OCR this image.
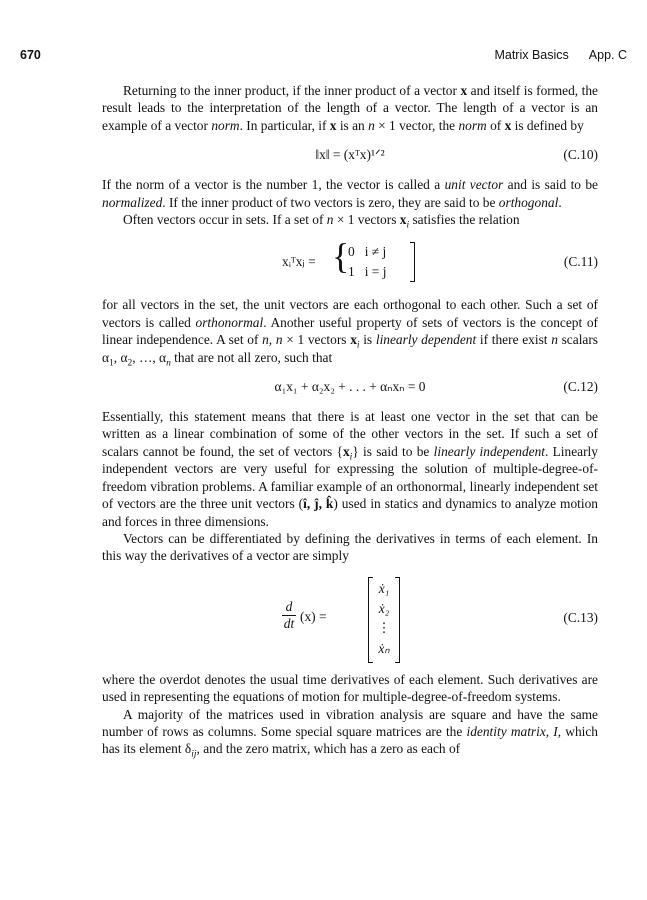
670	Matrix Basics App. C

Returning to the inner product, if the inner product of a vector x and itself is formed, the result leads to the interpretation of the length of a vector. The length of a vector is an example of a vector norm. In particular, if x is an n × 1 vector, the norm of x is defined by

‖x‖ = (xᵀx)¹ᐟ²	(C.10)

If the norm of a vector is the number 1, the vector is called a unit vector and is said to be normalized. If the inner product of two vectors is zero, they are said to be orthogonal.

Often vectors occur in sets. If a set of n × 1 vectors $x_i$ satisfies the relation

xᵢᵀxⱼ = {
0   i ≠ j
1   i = j
(C.11)

for all vectors in the set, the unit vectors are each orthogonal to each other. Such a set of vectors is called orthonormal. Another useful property of sets of vectors is the concept of linear independence. A set of n, n × 1 vectors $x_i$ is linearly dependent if there exist n scalars $\alpha_1$, $\alpha_2$, …, $\alpha_n$ that are not all zero, such that

α₁x₁ + α₂x₂ + . . . + αₙxₙ = 0	(C.12)

Essentially, this statement means that there is at least one vector in the set that can be written as a linear combination of some of the other vectors in the set. If such a set of scalars cannot be found, the set of vectors $\{x_i\}$ is said to be linearly independent. Linearly independent vectors are very useful for expressing the solution of multiple-degree-of-freedom vibration problems. A familiar example of an orthonormal, linearly independent set of vectors are the three unit vectors (î, ĵ, k̂) used in statics and dynamics to analyze motion and forces in three dimensions.

Vectors can be differentiated by defining the derivatives in terms of each element. In this way the derivatives of a vector are simply

d
dt (x) =
ẋ₁
ẋ₂
⋮
ẋₙ
(C.13)

where the overdot denotes the usual time derivatives of each element. Such derivatives are used in representing the equations of motion for multiple-degree-of-freedom systems.

A majority of the matrices used in vibration analysis are square and have the same number of rows as columns. Some special square matrices are the identity matrix, I, which has its element $\delta_{ij}$, and the zero matrix, which has a zero as each of
